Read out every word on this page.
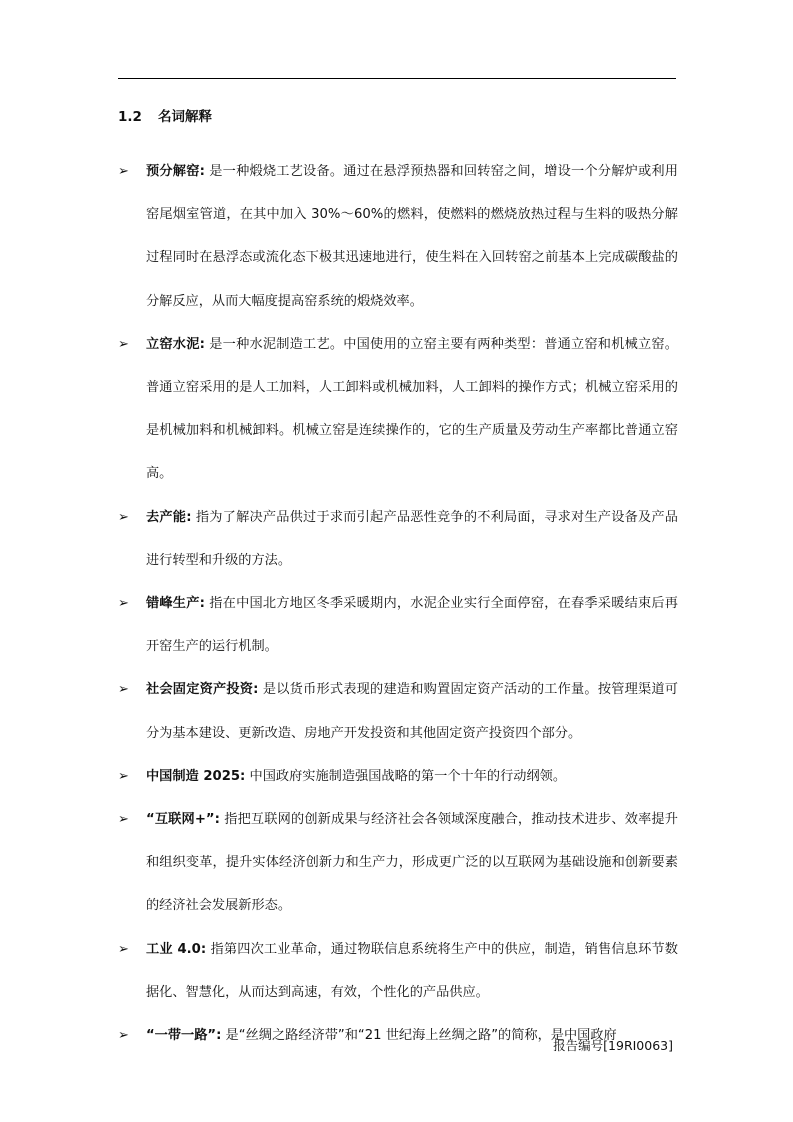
1.2 名词解释
➢ 预分解窑: 是一种煅烧工艺设备。通过在悬浮预热器和回转窑之间，增设一个分解炉或利用窑尾烟室管道，在其中加入 30%～60%的燃料，使燃料的燃烧放热过程与生料的吸热分解过程同时在悬浮态或流化态下极其迅速地进行，使生料在入回转窑之前基本上完成碳酸盐的分解反应，从而大幅度提高窑系统的煅烧效率。
➢ 立窑水泥: 是一种水泥制造工艺。中国使用的立窑主要有两种类型：普通立窑和机械立窑。普通立窑采用的是人工加料，人工卸料或机械加料，人工卸料的操作方式；机械立窑采用的是机械加料和机械卸料。机械立窑是连续操作的，它的生产质量及劳动生产率都比普通立窑高。
➢ 去产能: 指为了解决产品供过于求而引起产品恶性竞争的不利局面，寻求对生产设备及产品进行转型和升级的方法。
➢ 错峰生产: 指在中国北方地区冬季采暖期内，水泥企业实行全面停窑，在春季采暖结束后再开窑生产的运行机制。
➢ 社会固定资产投资: 是以货币形式表现的建造和购置固定资产活动的工作量。按管理渠道可分为基本建设、更新改造、房地产开发投资和其他固定资产投资四个部分。
➢ 中国制造 2025: 中国政府实施制造强国战略的第一个十年的行动纲领。
➢ “互联网+”: 指把互联网的创新成果与经济社会各领域深度融合，推动技术进步、效率提升和组织变革，提升实体经济创新力和生产力，形成更广泛的以互联网为基础设施和创新要素的经济社会发展新形态。
➢ 工业 4.0: 指第四次工业革命，通过物联信息系统将生产中的供应，制造，销售信息环节数据化、智慧化，从而达到高速，有效，个性化的产品供应。
➢ “一带一路”: 是“丝绸之路经济带”和“21 世纪海上丝绸之路”的简称，是中国政府
报告编号[19RI0063]
